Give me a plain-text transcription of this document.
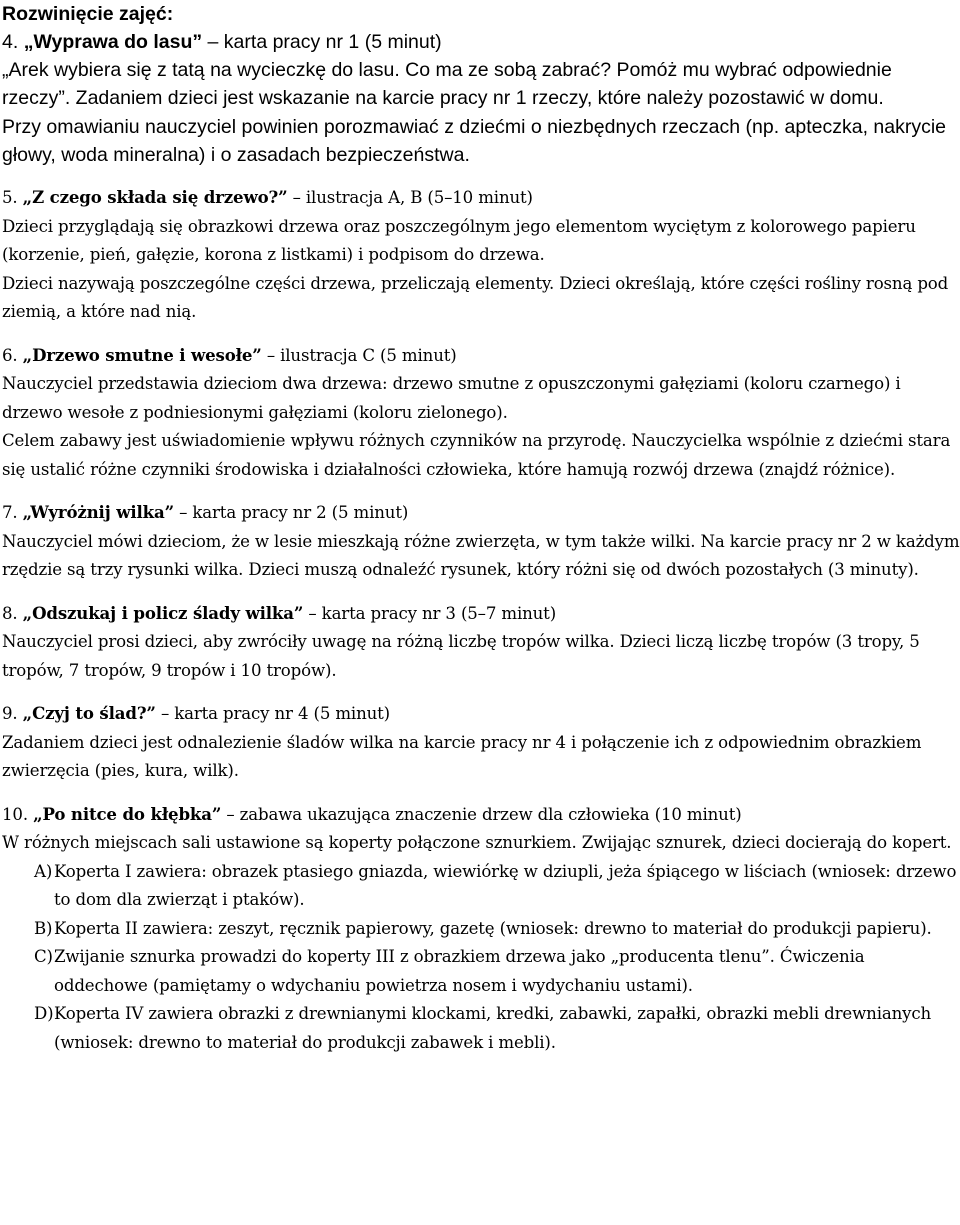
Rozwinięcie zajęć:

4. „Wyprawa do lasu” – karta pracy nr 1 (5 minut)

„Arek wybiera się z tatą na wycieczkę do lasu. Co ma ze sobą zabrać? Pomóż mu wybrać odpowiednie rzeczy”. Zadaniem dzieci jest wskazanie na karcie pracy nr 1 rzeczy, które należy pozostawić w domu.

Przy omawianiu nauczyciel powinien porozmawiać z dziećmi o niezbędnych rzeczach (np. apteczka, nakrycie głowy, woda mineralna) i o zasadach bezpieczeństwa.

5. „Z czego składa się drzewo?” – ilustracja A, B (5–10 minut)

Dzieci przyglądają się obrazkowi drzewa oraz poszczególnym jego elementom wyciętym z kolorowego papieru (korzenie, pień, gałęzie, korona z listkami) i podpisom do drzewa.

Dzieci nazywają poszczególne części drzewa, przeliczają elementy. Dzieci określają, które części rośliny rosną pod ziemią, a które nad nią.

6. „Drzewo smutne i wesołe” – ilustracja C (5 minut)

Nauczyciel przedstawia dzieciom dwa drzewa: drzewo smutne z opuszczonymi gałęziami (koloru czarnego) i drzewo wesołe z podniesionymi gałęziami (koloru zielonego).

Celem zabawy jest uświadomienie wpływu różnych czynników na przyrodę. Nauczycielka wspólnie z dziećmi stara się ustalić różne czynniki środowiska i działalności człowieka, które hamują rozwój drzewa (znajdź różnice).

7. „Wyróżnij wilka” – karta pracy nr 2 (5 minut)

Nauczyciel mówi dzieciom, że w lesie mieszkają różne zwierzęta, w tym także wilki. Na karcie pracy nr 2 w każdym rzędzie są trzy rysunki wilka. Dzieci muszą odnaleźć rysunek, który różni się od dwóch pozostałych (3 minuty).

8. „Odszukaj i policz ślady wilka” – karta pracy nr 3 (5–7 minut)

Nauczyciel prosi dzieci, aby zwróciły uwagę na różną liczbę tropów wilka. Dzieci liczą liczbę tropów (3 tropy, 5 tropów, 7 tropów, 9 tropów i 10 tropów).

9. „Czyj to ślad?” – karta pracy nr 4 (5 minut)

Zadaniem dzieci jest odnalezienie śladów wilka na karcie pracy nr 4 i połączenie ich z odpowiednim obrazkiem zwierzęcia (pies, kura, wilk).

10. „Po nitce do kłębka” – zabawa ukazująca znaczenie drzew dla człowieka (10 minut)

W różnych miejscach sali ustawione są koperty połączone sznurkiem. Zwijając sznurek, dzieci docierają do kopert.

A) Koperta I zawiera: obrazek ptasiego gniazda, wiewiórkę w dziupli, jeża śpiącego w liściach (wniosek: drzewo to dom dla zwierząt i ptaków).
B) Koperta II zawiera: zeszyt, ręcznik papierowy, gazetę (wniosek: drewno to materiał do produkcji papieru).
C) Zwijanie sznurka prowadzi do koperty III z obrazkiem drzewa jako „producenta tlenu”. Ćwiczenia oddechowe (pamiętamy o wdychaniu powietrza nosem i wydychaniu ustami).
D) Koperta IV zawiera obrazki z drewnianymi klockami, kredki, zabawki, zapałki, obrazki mebli drewnianych (wniosek: drewno to materiał do produkcji zabawek i mebli).
